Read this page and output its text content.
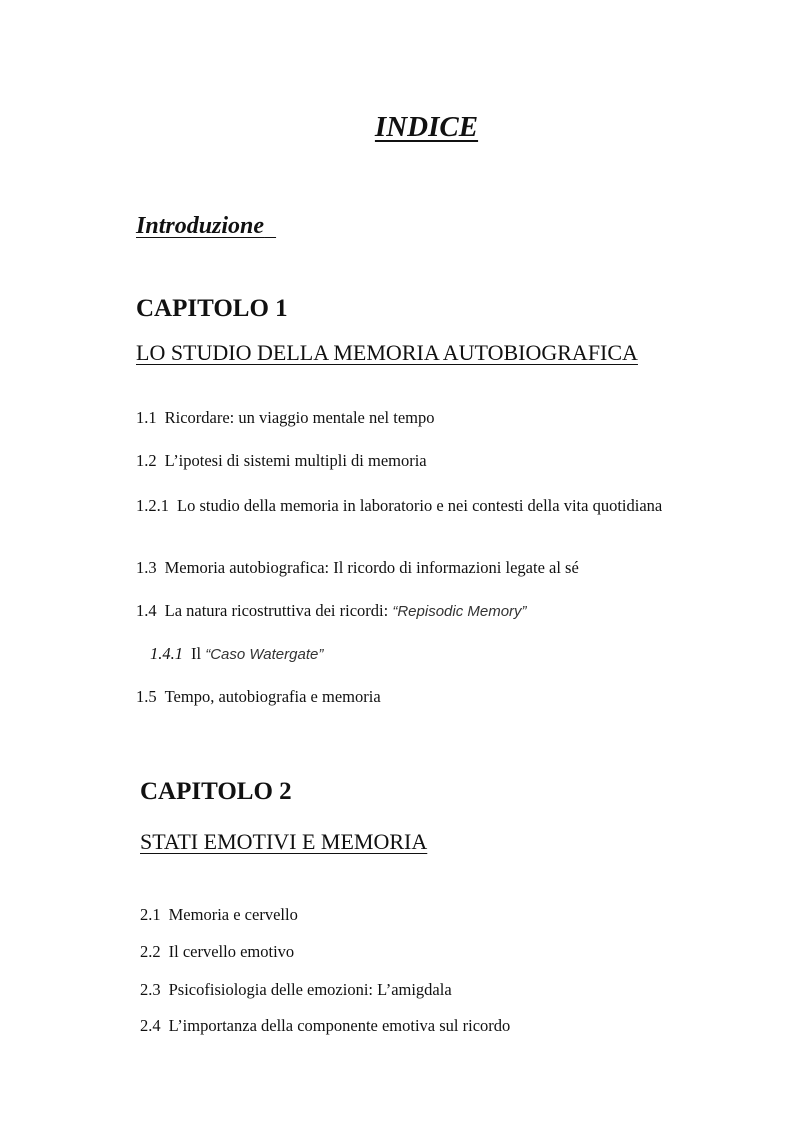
INDICE
Introduzione
CAPITOLO 1
LO STUDIO DELLA MEMORIA AUTOBIOGRAFICA
1.1 Ricordare: un viaggio mentale nel tempo
1.2 L’ipotesi di sistemi multipli di memoria
1.2.1 Lo studio della memoria in laboratorio e nei contesti della vita quotidiana
1.3 Memoria autobiografica: Il ricordo di informazioni legate al sé
1.4 La natura ricostruttiva dei ricordi: “Repisodic Memory”
1.4.1 Il “Caso Watergate”
1.5 Tempo, autobiografia e memoria
CAPITOLO 2
STATI EMOTIVI E MEMORIA
2.1 Memoria e cervello
2.2 Il cervello emotivo
2.3 Psicofisiologia delle emozioni: L’amigdala
2.4 L’importanza della componente emotiva sul ricordo
